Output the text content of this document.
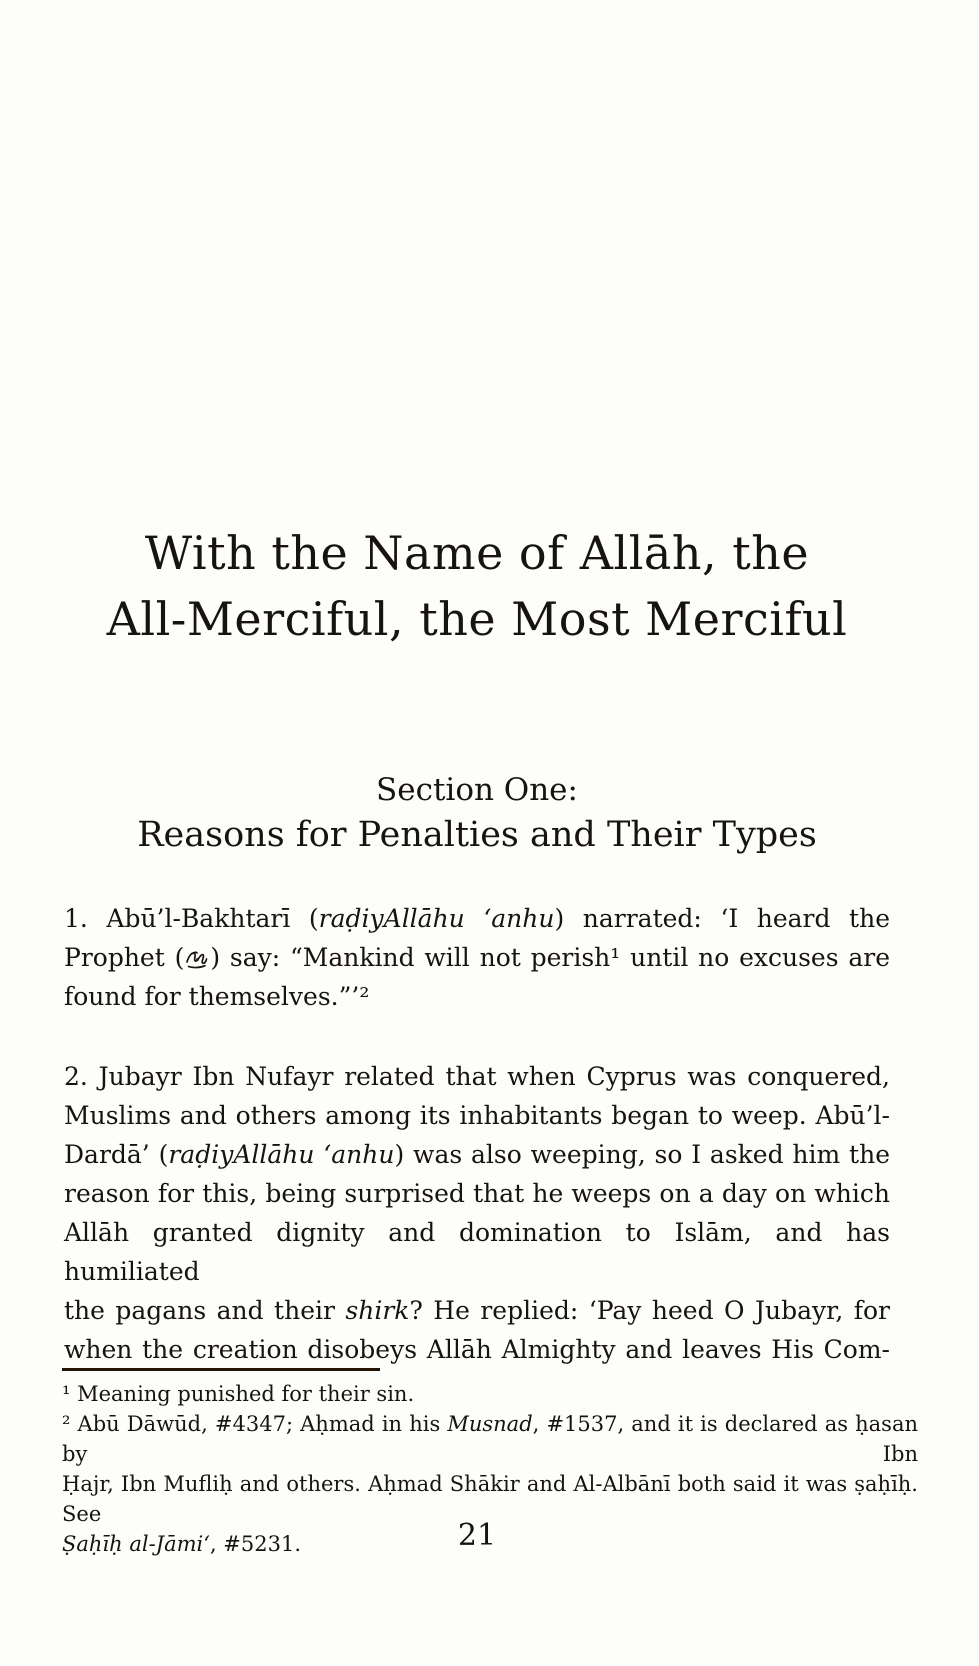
With the Name of Allāh, the
All-Merciful, the Most Merciful
Section One:
Reasons for Penalties and Their Types
1. Abū’l-Bakhtarī (raḍiyAllāhu ‘anhu) narrated: ‘I heard the
Prophet ( ) say: “Mankind will not perish¹ until no excuses are
found for themselves.”’²
2. Jubayr Ibn Nufayr related that when Cyprus was conquered,
Muslims and others among its inhabitants began to weep. Abū’l-
Dardā’ (raḍiyAllāhu ‘anhu) was also weeping, so I asked him the
reason for this, being surprised that he weeps on a day on which
Allāh granted dignity and domination to Islām, and has humiliated
the pagans and their shirk? He replied: ‘Pay heed O Jubayr, for
when the creation disobeys Allāh Almighty and leaves His Com-
¹ Meaning punished for their sin.
² Abū Dāwūd, #4347; Aḥmad in his Musnad, #1537, and it is declared as ḥasan by Ibn
Ḥajr, Ibn Mufliḥ and others. Aḥmad Shākir and Al-Albānī both said it was ṣaḥīḥ. See
Ṣaḥīḥ al-Jāmi‘, #5231.	21
